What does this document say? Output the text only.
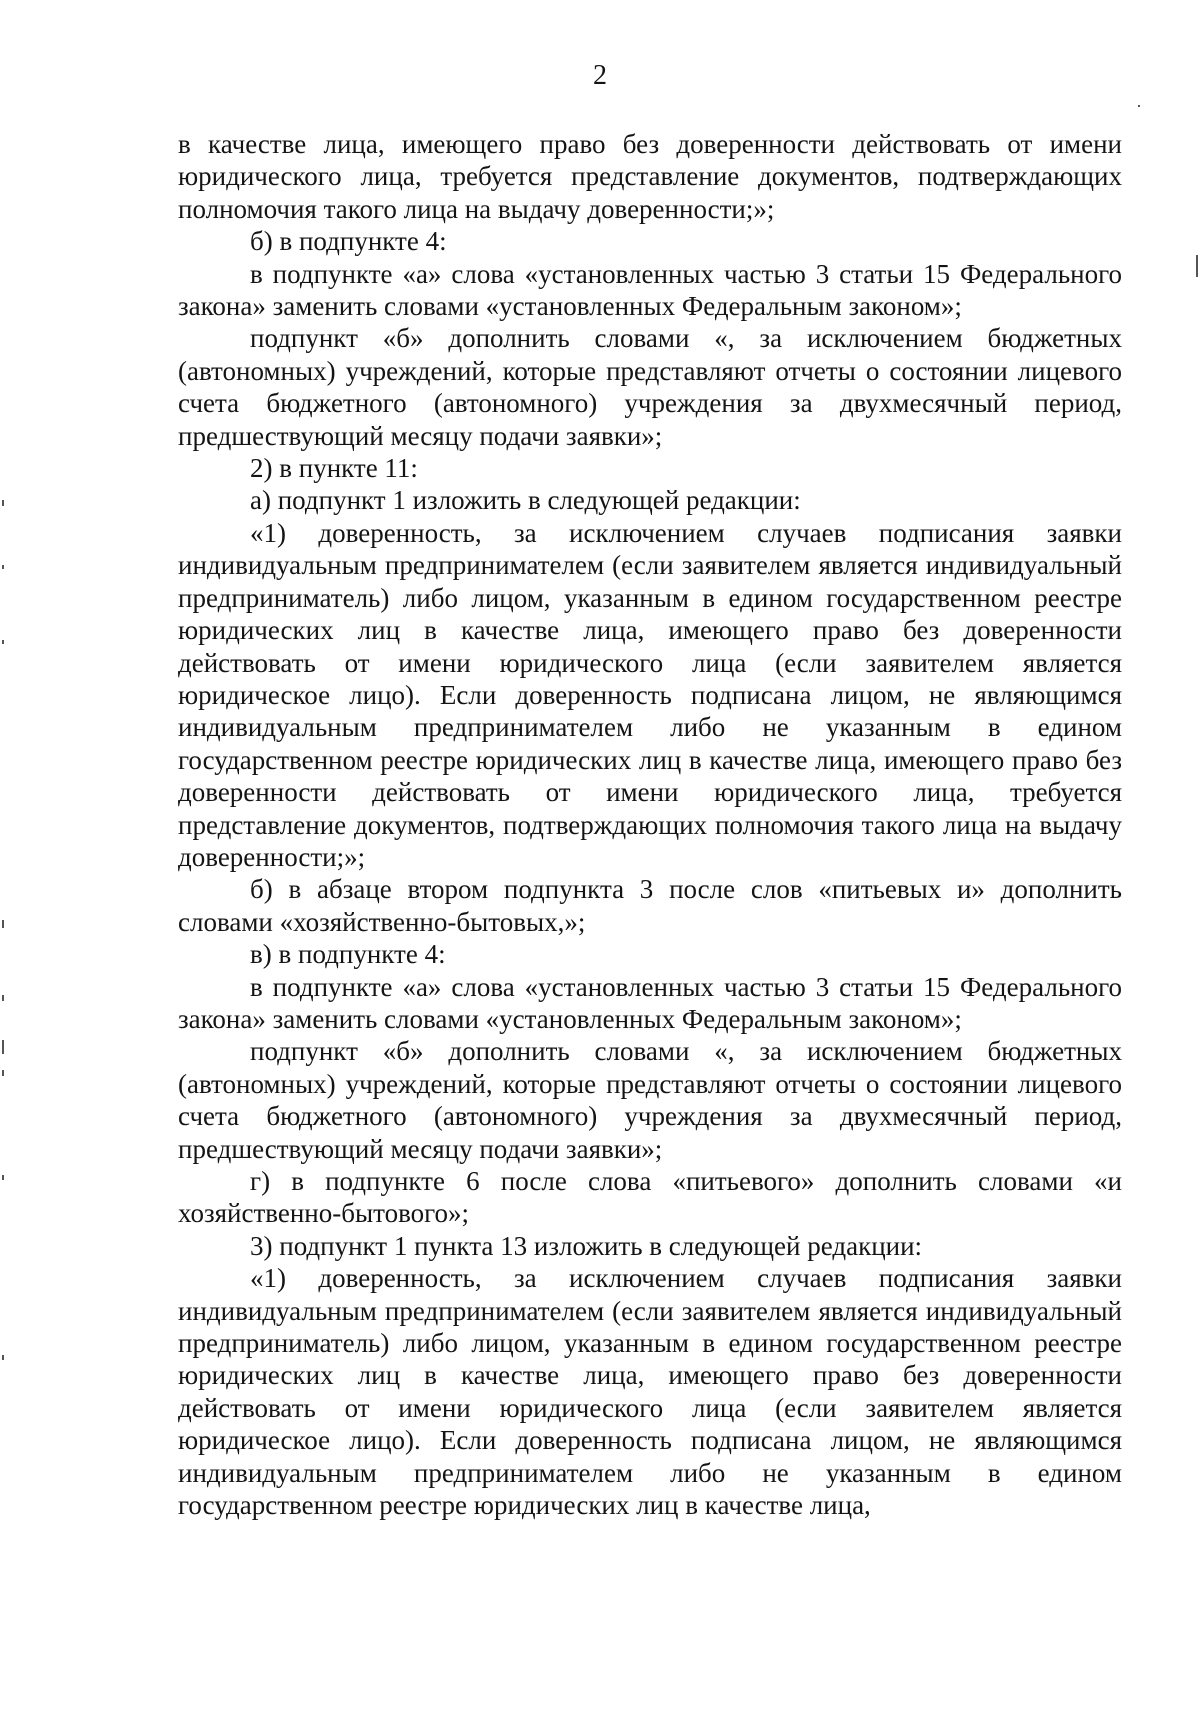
2

в качестве лица, имеющего право без доверенности действовать от имени юридического лица, требуется представление документов, подтверждающих полномочия такого лица на выдачу доверенности;»;

б) в подпункте 4:

в подпункте «а» слова «установленных частью 3 статьи 15 Федерального закона» заменить словами «установленных Федеральным законом»;

подпункт «б» дополнить словами «, за исключением бюджетных (автономных) учреждений, которые представляют отчеты о состоянии лицевого счета бюджетного (автономного) учреждения за двухмесячный период, предшествующий месяцу подачи заявки»;

2) в пункте 11:

а) подпункт 1 изложить в следующей редакции:

«1) доверенность, за исключением случаев подписания заявки индивидуальным предпринимателем (если заявителем является индивидуальный предприниматель) либо лицом, указанным в едином государственном реестре юридических лиц в качестве лица, имеющего право без доверенности действовать от имени юридического лица (если заявителем является юридическое лицо). Если доверенность подписана лицом, не являющимся индивидуальным предпринимателем либо не указанным в едином государственном реестре юридических лиц в качестве лица, имеющего право без доверенности действовать от имени юридического лица, требуется представление документов, подтверждающих полномочия такого лица на выдачу доверенности;»;

б) в абзаце втором подпункта 3 после слов «питьевых и» дополнить словами «хозяйственно-бытовых,»;

в) в подпункте 4:

в подпункте «а» слова «установленных частью 3 статьи 15 Федерального закона» заменить словами «установленных Федеральным законом»;

подпункт «б» дополнить словами «, за исключением бюджетных (автономных) учреждений, которые представляют отчеты о состоянии лицевого счета бюджетного (автономного) учреждения за двухмесячный период, предшествующий месяцу подачи заявки»;

г) в подпункте 6 после слова «питьевого» дополнить словами «и хозяйственно-бытового»;

3) подпункт 1 пункта 13 изложить в следующей редакции:

«1) доверенность, за исключением случаев подписания заявки индивидуальным предпринимателем (если заявителем является индивидуальный предприниматель) либо лицом, указанным в едином государственном реестре юридических лиц в качестве лица, имеющего право без доверенности действовать от имени юридического лица (если заявителем является юридическое лицо). Если доверенность подписана лицом, не являющимся индивидуальным предпринимателем либо не указанным в едином государственном реестре юридических лиц в качестве лица,
